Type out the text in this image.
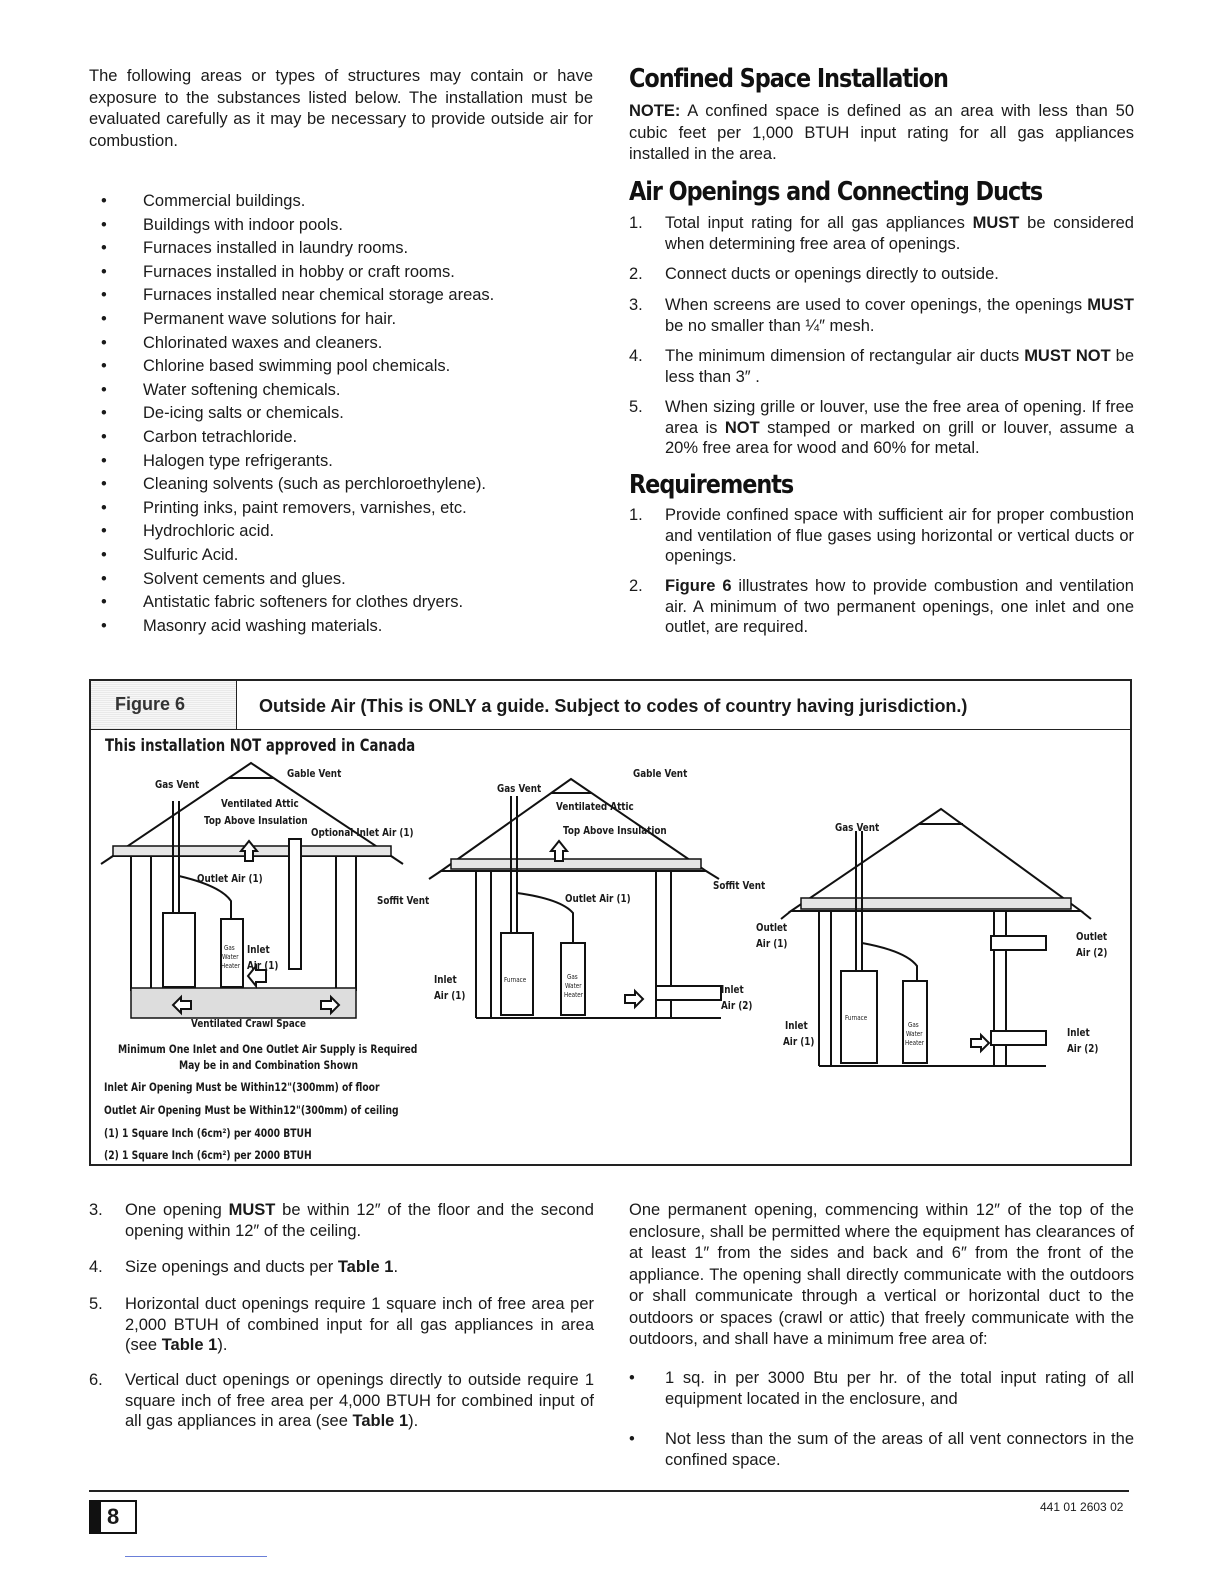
The following areas or types of structures may contain or have exposure to the substances listed below. The installation must be evaluated carefully as it may be necessary to provide outside air for combustion.
• Commercial buildings.
• Buildings with indoor pools.
• Furnaces installed in laundry rooms.
• Furnaces installed in hobby or craft rooms.
• Furnaces installed near chemical storage areas.
• Permanent wave solutions for hair.
• Chlorinated waxes and cleaners.
• Chlorine based swimming pool chemicals.
• Water softening chemicals.
• De-icing salts or chemicals.
• Carbon tetrachloride.
• Halogen type refrigerants.
• Cleaning solvents (such as perchloroethylene).
• Printing inks, paint removers, varnishes, etc.
• Hydrochloric acid.
• Sulfuric Acid.
• Solvent cements and glues.
• Antistatic fabric softeners for clothes dryers.
• Masonry acid washing materials.
Confined Space Installation
NOTE: A confined space is defined as an area with less than 50 cubic feet per 1,000 BTUH input rating for all gas appliances installed in the area.
Air Openings and Connecting Ducts
1. Total input rating for all gas appliances MUST be considered when determining free area of openings.
2. Connect ducts or openings directly to outside.
3. When screens are used to cover openings, the openings MUST be no smaller than ¼″ mesh.
4. The minimum dimension of rectangular air ducts MUST NOT be less than 3″ .
5. When sizing grille or louver, use the free area of opening. If free area is NOT stamped or marked on grill or louver, assume a 20% free area for wood and 60% for metal.
Requirements
1. Provide confined space with sufficient air for proper combustion and ventilation of flue gases using horizontal or vertical ducts or openings.
2. Figure 6 illustrates how to provide combustion and ventilation air. A minimum of two permanent openings, one inlet and one outlet, are required.
Figure 6	Outside Air (This is ONLY a guide. Subject to codes of country having jurisdiction.)
This installation NOT approved in Canada
Gas Vent
Gable Vent
Ventilated Attic
Top Above Insulation
Optional Inlet Air (1)
Outlet Air (1)
Soffit Vent
Inlet
Air (1)
Ventilated Crawl Space
Gas Vent
Gable Vent
Ventilated Attic
Top Above Insulation
Outlet Air (1)
Soffit Vent
Inlet
Air (1)	Inlet
Air (2)
Gas Vent
Outlet
Air (1)
Outlet
Air (2)
Inlet
Air (1)
Inlet
Air (2)
Gas
Water
Heater
Furnace	Gas
Water
Heater
Furnace
Gas
Water
Heater
Minimum One Inlet and One Outlet Air Supply is Required
May be in and Combination Shown
Inlet Air Opening Must be Within12"(300mm) of floor
Outlet Air Opening Must be Within12"(300mm) of ceiling
(1) 1 Square Inch (6cm²) per 4000 BTUH
(2) 1 Square Inch (6cm²) per 2000 BTUH
3. One opening MUST be within 12″ of the floor and the second opening within 12″ of the ceiling.
4. Size openings and ducts per Table 1.
5. Horizontal duct openings require 1 square inch of free area per 2,000 BTUH of combined input for all gas appliances in area (see Table 1).
6. Vertical duct openings or openings directly to outside require 1 square inch of free area per 4,000 BTUH for combined input of all gas appliances in area (see Table 1).
One permanent opening, commencing within 12″ of the top of the enclosure, shall be permitted where the equipment has clearances of at least 1″ from the sides and back and 6″ from the front of the appliance. The opening shall directly communicate with the outdoors or shall communicate through a vertical or horizontal duct to the outdoors or spaces (crawl or attic) that freely communicate with the outdoors, and shall have a minimum free area of:
• 1 sq. in per 3000 Btu per hr. of the total input rating of all equipment located in the enclosure, and
• Not less than the sum of the areas of all vent connectors in the confined space.
8	441 01 2603 02
